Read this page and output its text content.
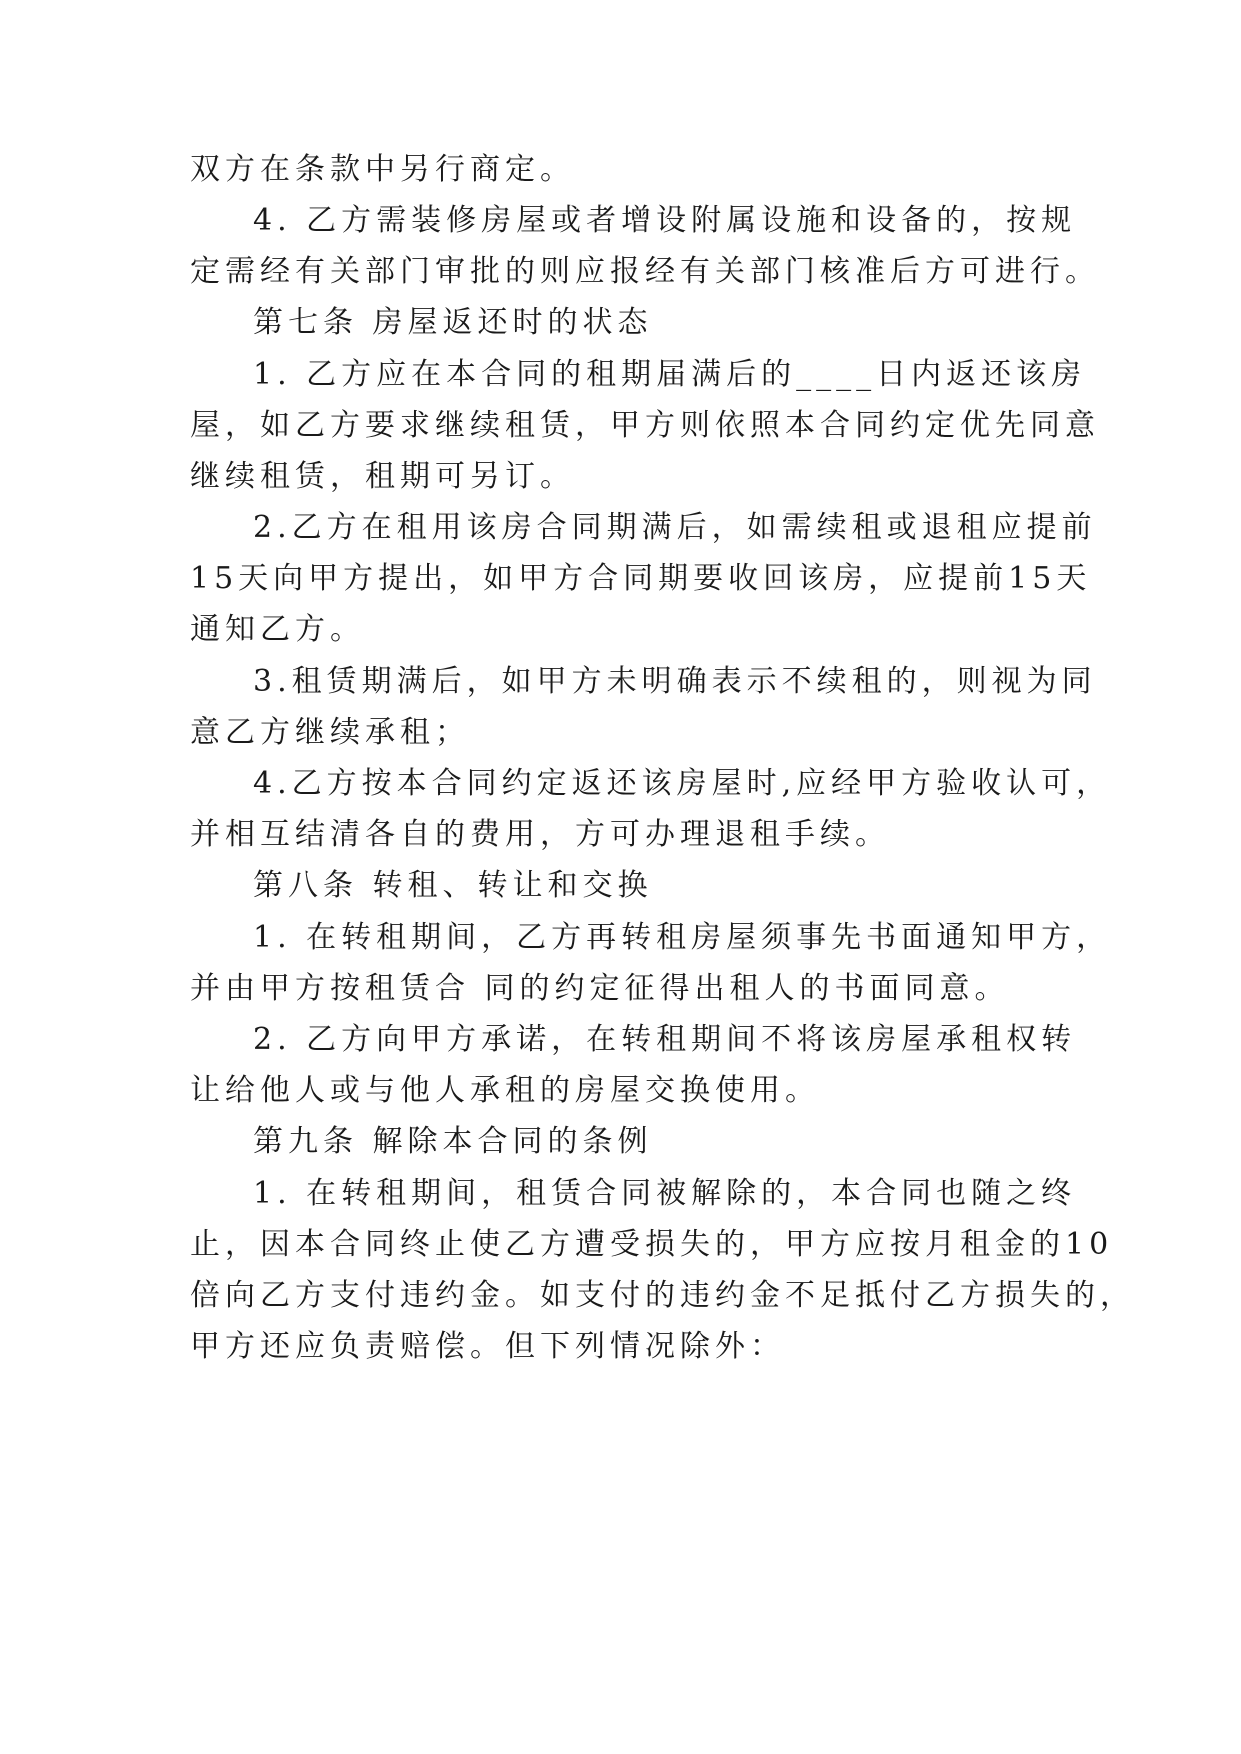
双方在条款中另行商定。
4. 乙方需装修房屋或者增设附属设施和设备的，按规
定需经有关部门审批的则应报经有关部门核准后方可进行。
第七条 房屋返还时的状态
1. 乙方应在本合同的租期届满后的____日内返还该房
屋，如乙方要求继续租赁，甲方则依照本合同约定优先同意
继续租赁，租期可另订。
2.乙方在租用该房合同期满后，如需续租或退租应提前
15天向甲方提出，如甲方合同期要收回该房，应提前15天
通知乙方。
3.租赁期满后，如甲方未明确表示不续租的，则视为同
意乙方继续承租；
4.乙方按本合同约定返还该房屋时,应经甲方验收认可，
并相互结清各自的费用，方可办理退租手续。
第八条 转租、转让和交换
1. 在转租期间，乙方再转租房屋须事先书面通知甲方，
并由甲方按租赁合 同的约定征得出租人的书面同意。
2. 乙方向甲方承诺，在转租期间不将该房屋承租权转
让给他人或与他人承租的房屋交换使用。
第九条 解除本合同的条例
1. 在转租期间，租赁合同被解除的，本合同也随之终
止，因本合同终止使乙方遭受损失的，甲方应按月租金的10
倍向乙方支付违约金。如支付的违约金不足抵付乙方损失的，
甲方还应负责赔偿。但下列情况除外：
